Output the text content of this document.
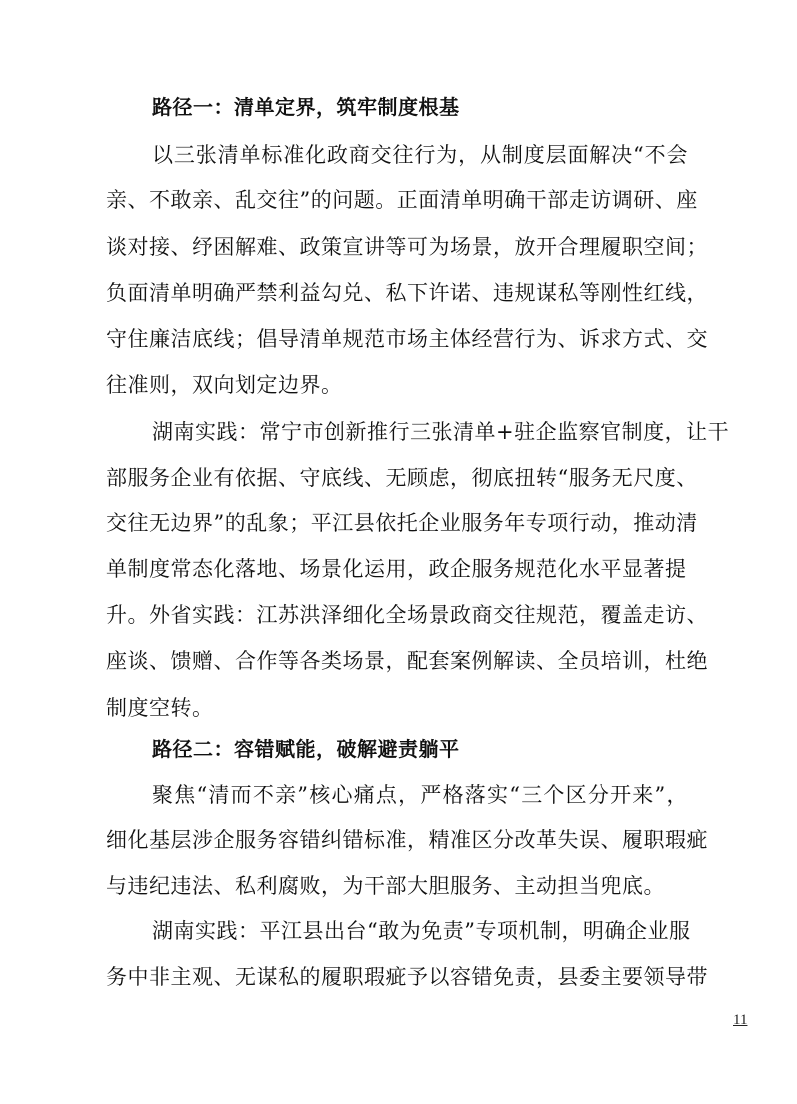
路径一：清单定界，筑牢制度根基
以三张清单标准化政商交往行为，从制度层面解决“不会
亲、不敢亲、乱交往”的问题。正面清单明确干部走访调研、座
谈对接、纾困解难、政策宣讲等可为场景，放开合理履职空间；
负面清单明确严禁利益勾兑、私下许诺、违规谋私等刚性红线，
守住廉洁底线；倡导清单规范市场主体经营行为、诉求方式、交
往准则，双向划定边界。
湖南实践：常宁市创新推行三张清单+驻企监察官制度，让干
部服务企业有依据、守底线、无顾虑，彻底扭转“服务无尺度、
交往无边界”的乱象；平江县依托企业服务年专项行动，推动清
单制度常态化落地、场景化运用，政企服务规范化水平显著提
升。外省实践：江苏洪泽细化全场景政商交往规范，覆盖走访、
座谈、馈赠、合作等各类场景，配套案例解读、全员培训，杜绝
制度空转。
路径二：容错赋能，破解避责躺平
聚焦“清而不亲”核心痛点，严格落实“三个区分开来”，
细化基层涉企服务容错纠错标准，精准区分改革失误、履职瑕疵
与违纪违法、私利腐败，为干部大胆服务、主动担当兜底。
湖南实践：平江县出台“敢为免责”专项机制，明确企业服
务中非主观、无谋私的履职瑕疵予以容错免责，县委主要领导带
11
